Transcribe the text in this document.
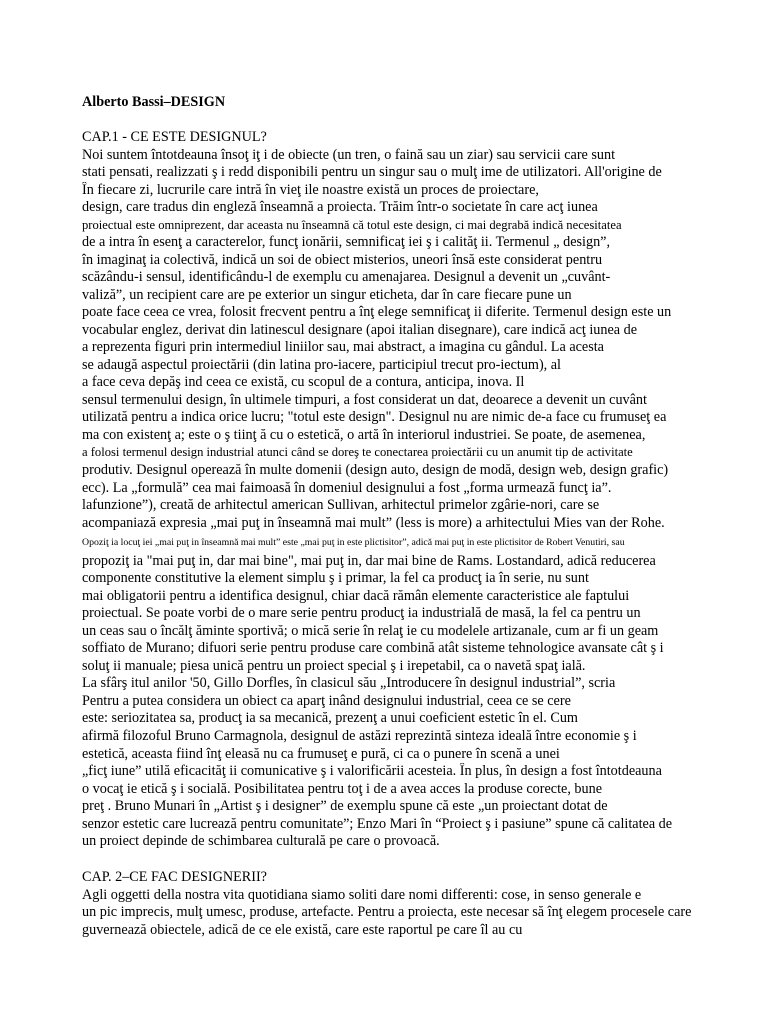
Alberto Bassi–DESIGN
CAP.1 - CE ESTE DESIGNUL?
Noi suntem întotdeauna însoţ iţ i de obiecte (un tren, o faină sau un ziar) sau servicii care sunt
stati pensati, realizzati ş i redd disponibili pentru un singur sau o mulţ ime de utilizatori. All'origine de
În fiecare zi, lucrurile care intră în vieţ ile noastre există un proces de proiectare,
design, care tradus din engleză înseamnă a proiecta. Trăim într-o societate în care acţ iunea
proiectual este omniprezent, dar aceasta nu înseamnă că totul este design, ci mai degrabă indică necesitatea
de a intra în esenţ a caracterelor, funcţ ionării, semnificaţ iei ş i calităţ ii. Termenul „ design”,
în imaginaţ ia colectivă, indică un soi de obiect misterios, uneori însă este considerat pentru
scăzându-i sensul, identificându-l de exemplu cu amenajarea. Designul a devenit un „cuvânt-
valiză”, un recipient care are pe exterior un singur eticheta, dar în care fiecare pune un
poate face ceea ce vrea, folosit frecvent pentru a înţ elege semnificaţ ii diferite. Termenul design este un
vocabular englez, derivat din latinescul designare (apoi italian disegnare), care indică acţ iunea de
a reprezenta figuri prin intermediul liniilor sau, mai abstract, a imagina cu gândul. La acesta
se adaugă aspectul proiectării (din latina pro-iacere, participiul trecut pro-iectum), al
a face ceva depăş ind ceea ce există, cu scopul de a contura, anticipa, inova. Il
sensul termenului design, în ultimele timpuri, a fost considerat un dat, deoarece a devenit un cuvânt
utilizată pentru a indica orice lucru; "totul este design". Designul nu are nimic de-a face cu frumuseţ ea
ma con existenţ a; este o ş tiinţ ă cu o estetică, o artă în interiorul industriei. Se poate, de asemenea,
a folosi termenul design industrial atunci când se doreş te conectarea proiectării cu un anumit tip de activitate
produtiv. Designul operează în multe domenii (design auto, design de modă, design web, design grafic)
ecc). La „formulă” cea mai faimoasă în domeniul designului a fost „forma urmează funcţ ia”.
lafunzione”), creată de arhitectul american Sullivan, arhitectul primelor zgârie-nori, care se
acompaniază expresia „mai puţ in înseamnă mai mult” (less is more) a arhitectului Mies van der Rohe.
Opoziţ ia locuţ iei „mai puţ in înseamnă mai mult” este „mai puţ in este plictisitor”, adică mai puţ in este plictisitor de Robert Venutiri, sau
propoziţ ia "mai puţ in, dar mai bine", mai puţ in, dar mai bine de Rams. Lostandard, adică reducerea
componente constitutive la element simplu ş i primar, la fel ca producţ ia în serie, nu sunt
mai obligatorii pentru a identifica designul, chiar dacă rămân elemente caracteristice ale faptului
proiectual. Se poate vorbi de o mare serie pentru producţ ia industrială de masă, la fel ca pentru un
un ceas sau o încălţ ăminte sportivă; o mică serie în relaţ ie cu modelele artizanale, cum ar fi un geam
soffiato de Murano; difuori serie pentru produse care combină atât sisteme tehnologice avansate cât ş i
soluţ ii manuale; piesa unică pentru un proiect special ş i irepetabil, ca o navetă spaţ ială.
La sfârş itul anilor '50, Gillo Dorfles, în clasicul său „Introducere în designul industrial”, scria
Pentru a putea considera un obiect ca aparţ inând designului industrial, ceea ce se cere
este: seriozitatea sa, producţ ia sa mecanică, prezenţ a unui coeficient estetic în el. Cum
afirmă filozoful Bruno Carmagnola, designul de astăzi reprezintă sinteza ideală între economie ş i
estetică, aceasta fiind înţ eleasă nu ca frumuseţ e pură, ci ca o punere în scenă a unei
„ficţ iune” utilă eficacităţ ii comunicative ş i valorificării acesteia. În plus, în design a fost întotdeauna
o vocaţ ie etică ş i socială. Posibilitatea pentru toţ i de a avea acces la produse corecte, bune
preţ . Bruno Munari în „Artist ş i designer” de exemplu spune că este „un proiectant dotat de
senzor estetic care lucrează pentru comunitate”; Enzo Mari în “Proiect ş i pasiune” spune că calitatea de
un proiect depinde de schimbarea culturală pe care o provoacă.
CAP. 2–CE FAC DESIGNERII?
Agli oggetti della nostra vita quotidiana siamo soliti dare nomi differenti: cose, in senso generale e
un pic imprecis, mulţ umesc, produse, artefacte. Pentru a proiecta, este necesar să înţ elegem procesele care
guvernează obiectele, adică de ce ele există, care este raportul pe care îl au cu
